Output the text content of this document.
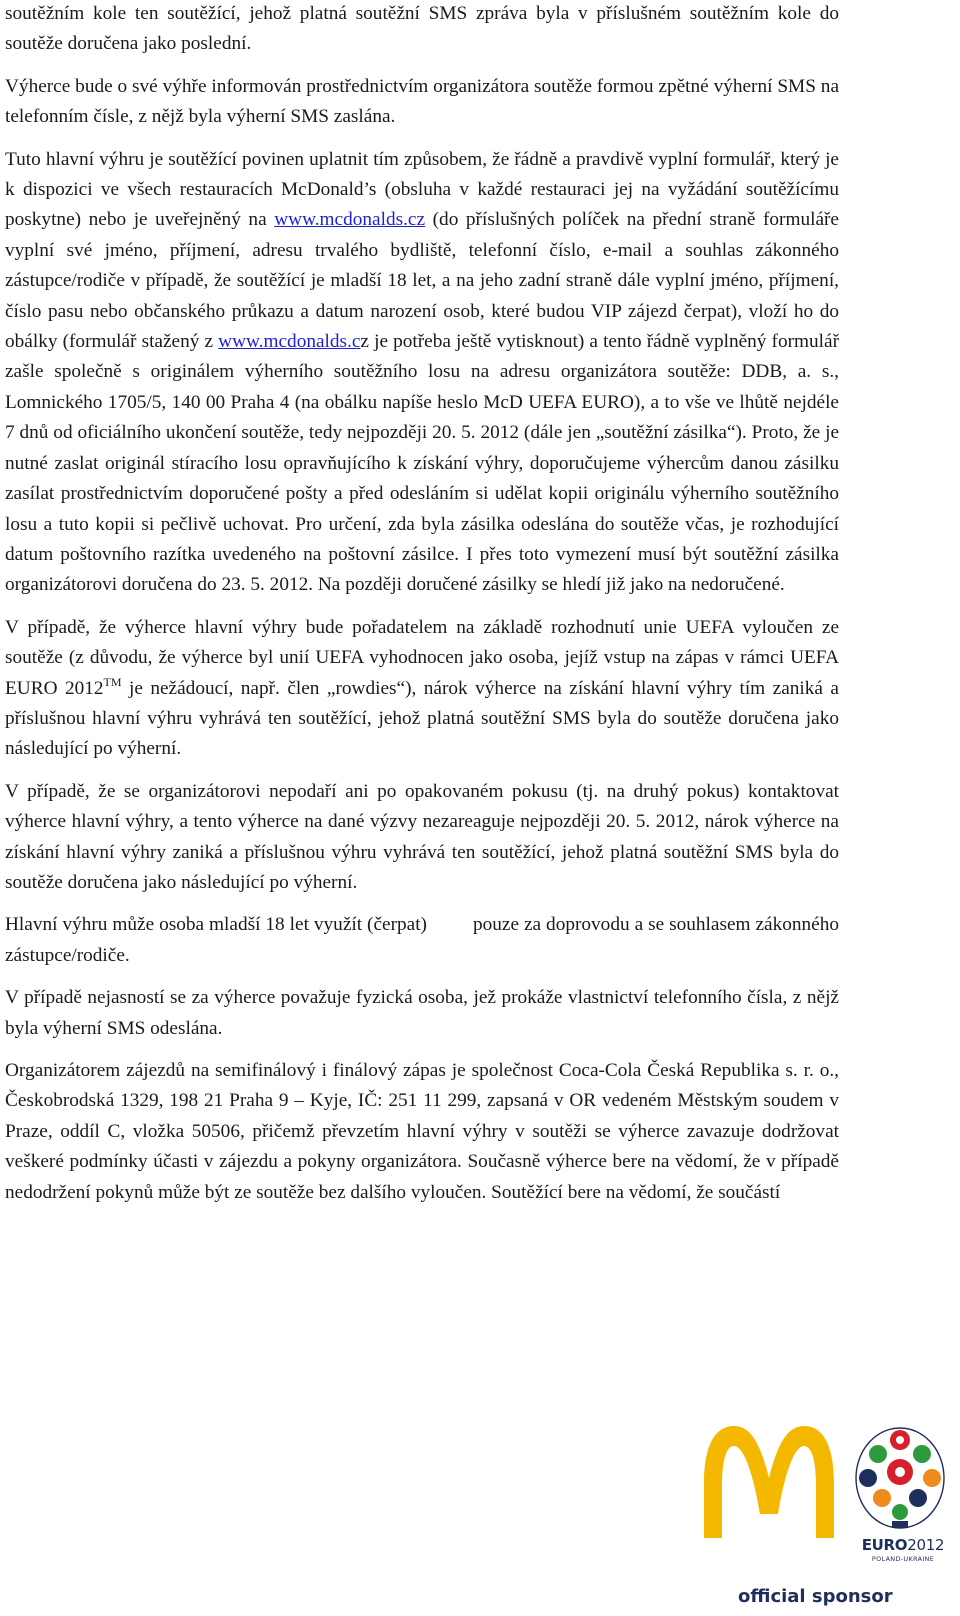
soutěžním kole ten soutěžící, jehož platná soutěžní SMS zpráva byla v příslušném soutěžním kole do soutěže doručena jako poslední.

Výherce bude o své výhře informován prostřednictvím organizátora soutěže formou zpětné výherní SMS na telefonním čísle, z nějž byla výherní SMS zaslána.

Tuto hlavní výhru je soutěžící povinen uplatnit tím způsobem, že řádně a pravdivě vyplní formulář, který je k dispozici ve všech restauracích McDonald’s (obsluha v každé restauraci jej na vyžádání soutěžícímu poskytne) nebo je uveřejněný na www.mcdonalds.cz (do příslušných políček na přední straně formuláře vyplní své jméno, příjmení, adresu trvalého bydliště, telefonní číslo, e-mail a souhlas zákonného zástupce/rodiče v případě, že soutěžící je mladší 18 let, a na jeho zadní straně dále vyplní jméno, příjmení, číslo pasu nebo občanského průkazu a datum narození osob, které budou VIP zájezd čerpat), vloží ho do obálky (formulář stažený z www.mcdonalds.cz je potřeba ještě vytisknout) a tento řádně vyplněný formulář zašle společně s originálem výherního soutěžního losu na adresu organizátora soutěže: DDB, a. s., Lomnického 1705/5, 140 00 Praha 4 (na obálku napíše heslo McD UEFA EURO), a to vše ve lhůtě nejdéle 7 dnů od oficiálního ukončení soutěže, tedy nejpozději 20. 5. 2012 (dále jen „soutěžní zásilka“). Proto, že je nutné zaslat originál stíracího losu opravňujícího k získání výhry, doporučujeme výhercům danou zásilku zasílat prostřednictvím doporučené pošty a před odesláním si udělat kopii originálu výherního soutěžního losu a tuto kopii si pečlivě uchovat. Pro určení, zda byla zásilka odeslána do soutěže včas, je rozhodující datum poštovního razítka uvedeného na poštovní zásilce. I přes toto vymezení musí být soutěžní zásilka organizátorovi doručena do 23. 5. 2012. Na později doručené zásilky se hledí již jako na nedoručené.

V případě, že výherce hlavní výhry bude pořadatelem na základě rozhodnutí unie UEFA vyloučen ze soutěže (z důvodu, že výherce byl unií UEFA vyhodnocen jako osoba, jejíž vstup na zápas v rámci UEFA EURO 2012™ je nežádoucí, např. člen „rowdies“), nárok výherce na získání hlavní výhry tím zaniká a příslušnou hlavní výhru vyhrává ten soutěžící, jehož platná soutěžní SMS byla do soutěže doručena jako následující po výherní.

V případě, že se organizátorovi nepodaří ani po opakovaném pokusu (tj. na druhý pokus) kontaktovat výherce hlavní výhry, a tento výherce na dané výzvy nezareaguje nejpozději 20. 5. 2012, nárok výherce na získání hlavní výhry zaniká a příslušnou výhru vyhrává ten soutěžící, jehož platná soutěžní SMS byla do soutěže doručena jako následující po výherní.

Hlavní výhru může osoba mladší 18 let využít (čerpat) pouze za doprovodu a se souhlasem zákonného zástupce/rodiče.

V případě nejasností se za výherce považuje fyzická osoba, jež prokáže vlastnictví telefonního čísla, z nějž byla výherní SMS odeslána.

Organizátorem zájezdů na semifinálový i finálový zápas je společnost Coca-Cola Česká Republika s. r. o., Českobrodská 1329, 198 21 Praha 9 – Kyje, IČ: 251 11 299, zapsaná v OR vedeném Městským soudem v Praze, oddíl C, vložka 50506, přičemž převzetím hlavní výhry v soutěži se výherce zavazuje dodržovat veškeré podmínky účasti v zájezdu a pokyny organizátora. Současně výherce bere na vědomí, že v případě nedodržení pokynů může být ze soutěže bez dalšího vyloučen. Soutěžící bere na vědomí, že součástí

EURO2012
POLAND-UKRAINE
official sponsor
